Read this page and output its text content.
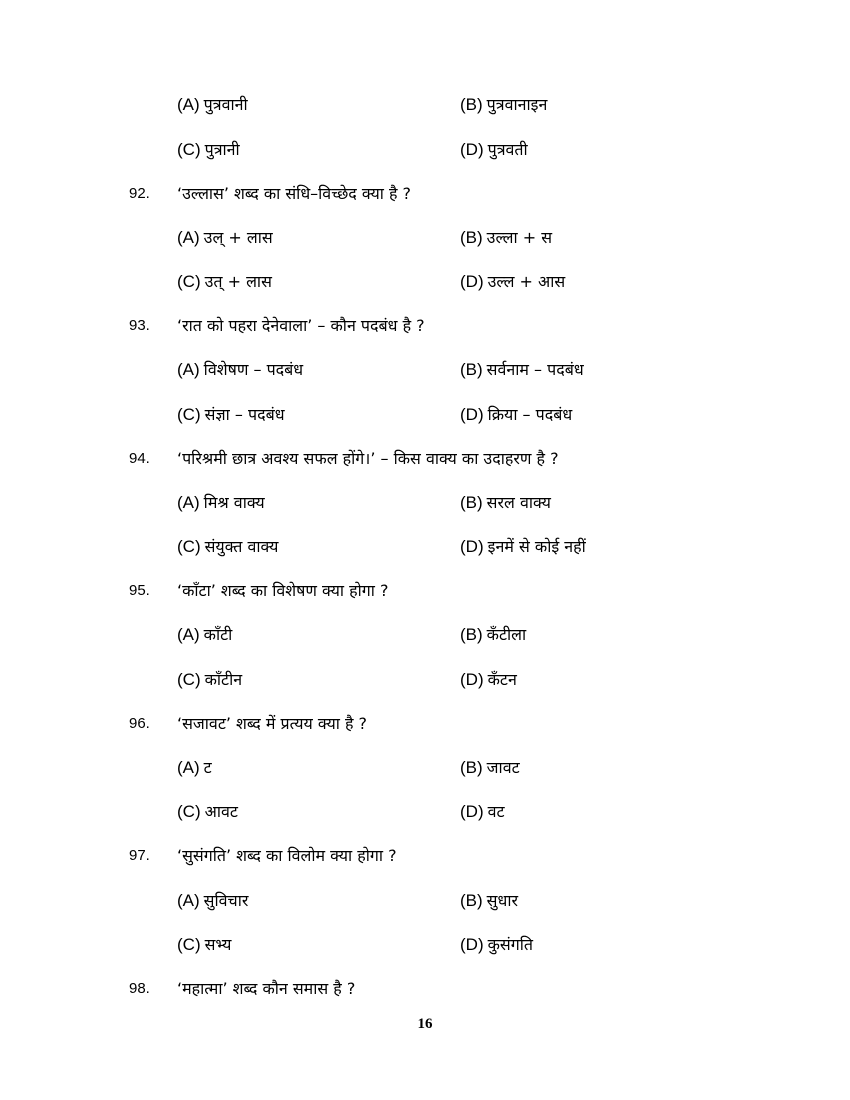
(A) पुत्रवानी	(B) पुत्रवानाइन
(C) पुत्रानी	(D) पुत्रवती
92. ‘उल्लास’ शब्द का संधि–विच्छेद क्या है ?
(A) उल् + लास	(B) उल्ला + स
(C) उत् + लास	(D) उल्ल + आस
93. ‘रात को पहरा देनेवाला’ – कौन पदबंध है ?
(A) विशेषण – पदबंध	(B) सर्वनाम – पदबंध
(C) संज्ञा – पदबंध	(D) क्रिया – पदबंध
94. ‘परिश्रमी छात्र अवश्य सफल होंगे।’ – किस वाक्य का उदाहरण है ?
(A) मिश्र वाक्य	(B) सरल वाक्य
(C) संयुक्त वाक्य	(D) इनमें से कोई नहीं
95. ‘काँटा’ शब्द का विशेषण क्या होगा ?
(A) काँटी	(B) कँटीला
(C) काँटीन	(D) कँटन
96. ‘सजावट’ शब्द में प्रत्यय क्या है ?
(A) ट	(B) जावट
(C) आवट	(D) वट
97. ‘सुसंगति’ शब्द का विलोम क्या होगा ?
(A) सुविचार	(B) सुधार
(C) सभ्य	(D) कुसंगति
98. ‘महात्मा’ शब्द कौन समास है ?
16
